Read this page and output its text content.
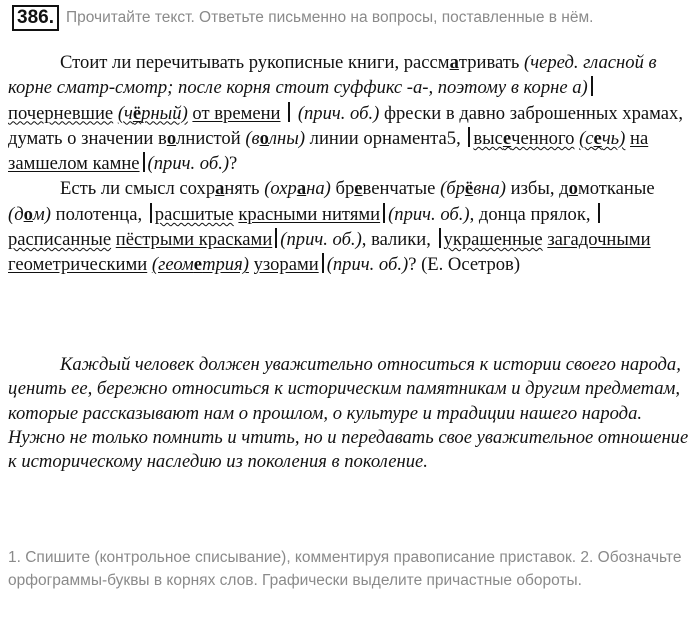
386. Прочитайте текст. Ответьте письменно на вопросы, поставленные в нём.

Стоит ли перечитывать рукописные книги, рассматривать (черед. гласной в корне сматр-смотр; после корня стоит суффикс -а-, поэтому в корне а) почерневшие (чёрный) от времени (прич. об.) фрески в давно заброшенных храмах, думать о значении волнистой (волны) линии орнамента5, высеченного (сечь) на замшелом камне (прич. об.)?

Есть ли смысл сохранять (охрана) бревенчатые (брёвна) избы, домотканые (дом) полотенца, расшитые красными нитями (прич. об.), донца прялок, расписанные пёстрыми красками (прич. об.), валики, украшенные загадочными геометрическими (геометрия) узорами (прич. об.)? (Е. Осетров)

Каждый человек должен уважительно относиться к истории своего народа, ценить ее, бережно относиться к историческим памятникам и другим предметам, которые рассказывают нам о прошлом, о культуре и традиции нашего народа. Нужно не только помнить и чтить, но и передавать свое уважительное отношение к историческому наследию из поколения в поколение.

1. Спишите (контрольное списывание), комментируя правописание приставок. 2. Обозначьте орфограммы-буквы в корнях слов. Графически выделите причастные обороты.
